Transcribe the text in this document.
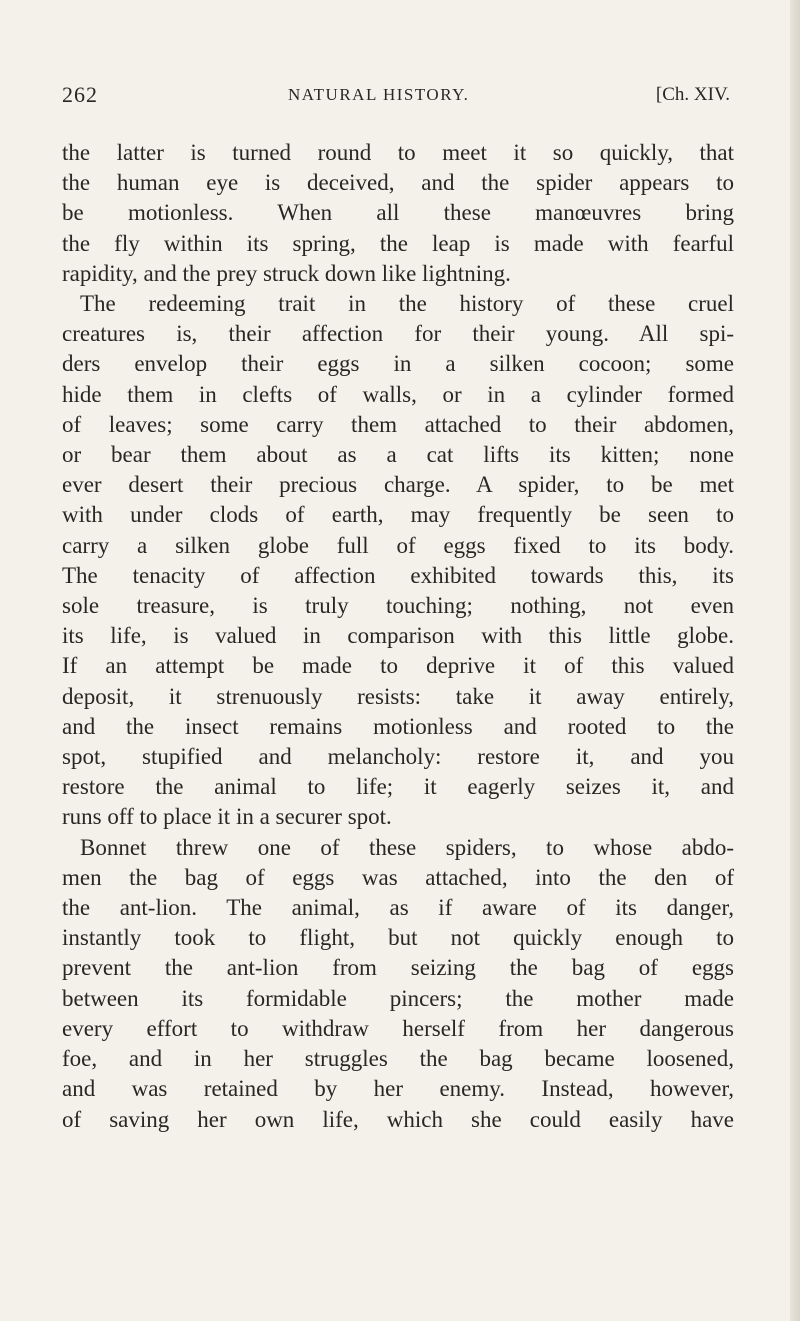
262	NATURAL HISTORY.	[Ch. XIV.
the latter is turned round to meet it so quickly, that
the human eye is deceived, and the spider appears to
be motionless. When all these manœuvres bring
the fly within its spring, the leap is made with fearful
rapidity, and the prey struck down like lightning.
The redeeming trait in the history of these cruel
creatures is, their affection for their young. All spi-
ders envelop their eggs in a silken cocoon; some
hide them in clefts of walls, or in a cylinder formed
of leaves; some carry them attached to their abdomen,
or bear them about as a cat lifts its kitten; none
ever desert their precious charge. A spider, to be met
with under clods of earth, may frequently be seen to
carry a silken globe full of eggs fixed to its body.
The tenacity of affection exhibited towards this, its
sole treasure, is truly touching; nothing, not even
its life, is valued in comparison with this little globe.
If an attempt be made to deprive it of this valued
deposit, it strenuously resists: take it away entirely,
and the insect remains motionless and rooted to the
spot, stupified and melancholy: restore it, and you
restore the animal to life; it eagerly seizes it, and
runs off to place it in a securer spot.
Bonnet threw one of these spiders, to whose abdo-
men the bag of eggs was attached, into the den of
the ant-lion. The animal, as if aware of its danger,
instantly took to flight, but not quickly enough to
prevent the ant-lion from seizing the bag of eggs
between its formidable pincers; the mother made
every effort to withdraw herself from her dangerous
foe, and in her struggles the bag became loosened,
and was retained by her enemy. Instead, however,
of saving her own life, which she could easily have
